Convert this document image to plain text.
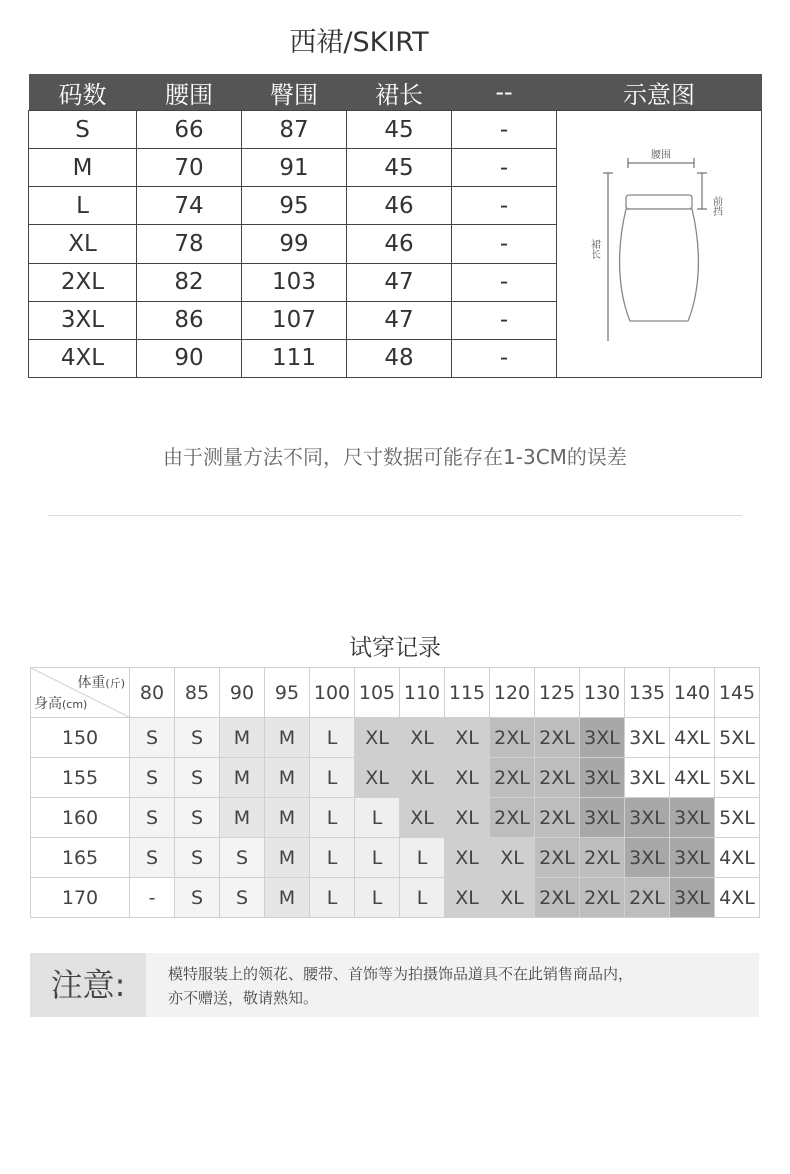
西裙/SKIRT
码数	腰围	臀围	裙长	--	示意图
S	66	87	45	-	腰围
前挡
裙长

M	70	91	45	-	
L	74	95	46	-	
XL	78	99	46	-	
2XL	82	103	47	-	
3XL	86	107	47	-	
4XL	90	111	48	-	
由于测量方法不同，尺寸数据可能存在1-3CM的误差
试穿记录
体重(斤)
身高(cm)	80	85	90	95	100	105	110	115	120	125	130	135	140	145
150	S	S	M	M	L	XL	XL	XL	2XL	2XL	3XL	3XL	4XL	5XL
155	S	S	M	M	L	XL	XL	XL	2XL	2XL	3XL	3XL	4XL	5XL
160	S	S	M	M	L	L	XL	XL	2XL	2XL	3XL	3XL	3XL	5XL
165	S	S	S	M	L	L	L	XL	XL	2XL	2XL	3XL	3XL	4XL
170	-	S	S	M	L	L	L	XL	XL	2XL	2XL	2XL	3XL	4XL
注意:	模特服装上的领花、腰带、首饰等为拍摄饰品道具不在此销售商品内，
亦不赠送，敬请熟知。
